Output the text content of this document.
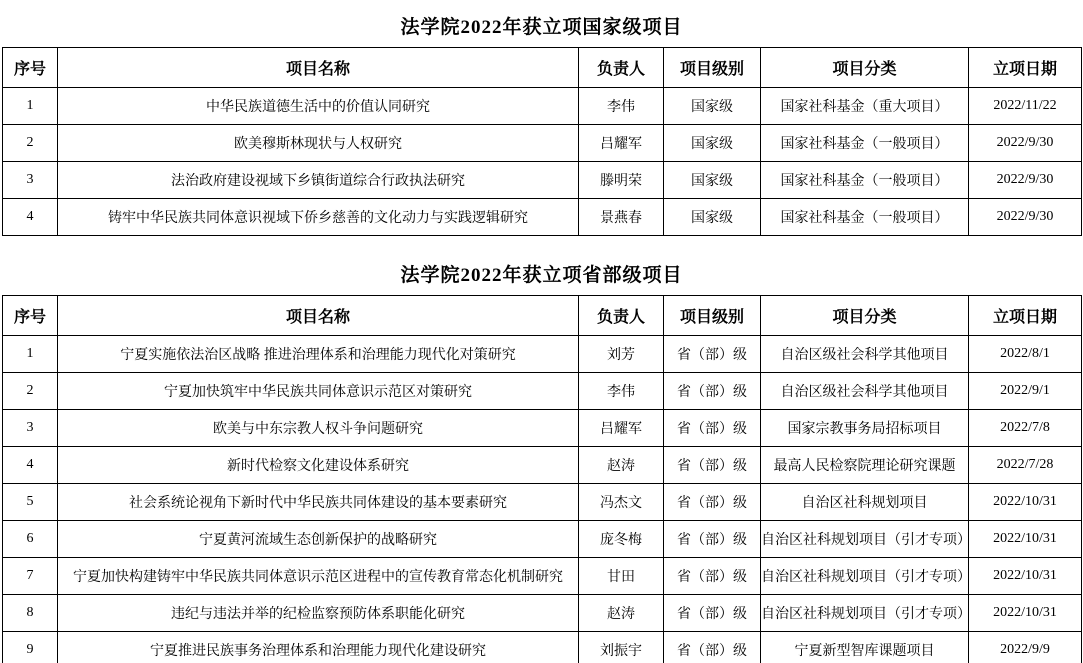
法学院2022年获立项国家级项目
序号	项目名称	负责人	项目级别	项目分类	立项日期
1	中华民族道德生活中的价值认同研究	李伟	国家级	国家社科基金（重大项目）	2022/11/22
2	欧美穆斯林现状与人权研究	吕耀军	国家级	国家社科基金（一般项目）	2022/9/30
3	法治政府建设视域下乡镇街道综合行政执法研究	滕明荣	国家级	国家社科基金（一般项目）	2022/9/30
4	铸牢中华民族共同体意识视域下侨乡慈善的文化动力与实践逻辑研究	景燕春	国家级	国家社科基金（一般项目）	2022/9/30
法学院2022年获立项省部级项目
序号	项目名称	负责人	项目级别	项目分类	立项日期
1	宁夏实施依法治区战略 推进治理体系和治理能力现代化对策研究	刘芳	省（部）级	自治区级社会科学其他项目	2022/8/1
2	宁夏加快筑牢中华民族共同体意识示范区对策研究	李伟	省（部）级	自治区级社会科学其他项目	2022/9/1
3	欧美与中东宗教人权斗争问题研究	吕耀军	省（部）级	国家宗教事务局招标项目	2022/7/8
4	新时代检察文化建设体系研究	赵涛	省（部）级	最高人民检察院理论研究课题	2022/7/28
5	社会系统论视角下新时代中华民族共同体建设的基本要素研究	冯杰文	省（部）级	自治区社科规划项目	2022/10/31
6	宁夏黄河流域生态创新保护的战略研究	庞冬梅	省（部）级	自治区社科规划项目（引才专项）	2022/10/31
7	宁夏加快构建铸牢中华民族共同体意识示范区进程中的宣传教育常态化机制研究	甘田	省（部）级	自治区社科规划项目（引才专项）	2022/10/31
8	违纪与违法并举的纪检监察预防体系职能化研究	赵涛	省（部）级	自治区社科规划项目（引才专项）	2022/10/31
9	宁夏推进民族事务治理体系和治理能力现代化建设研究	刘振宇	省（部）级	宁夏新型智库课题项目	2022/9/9
